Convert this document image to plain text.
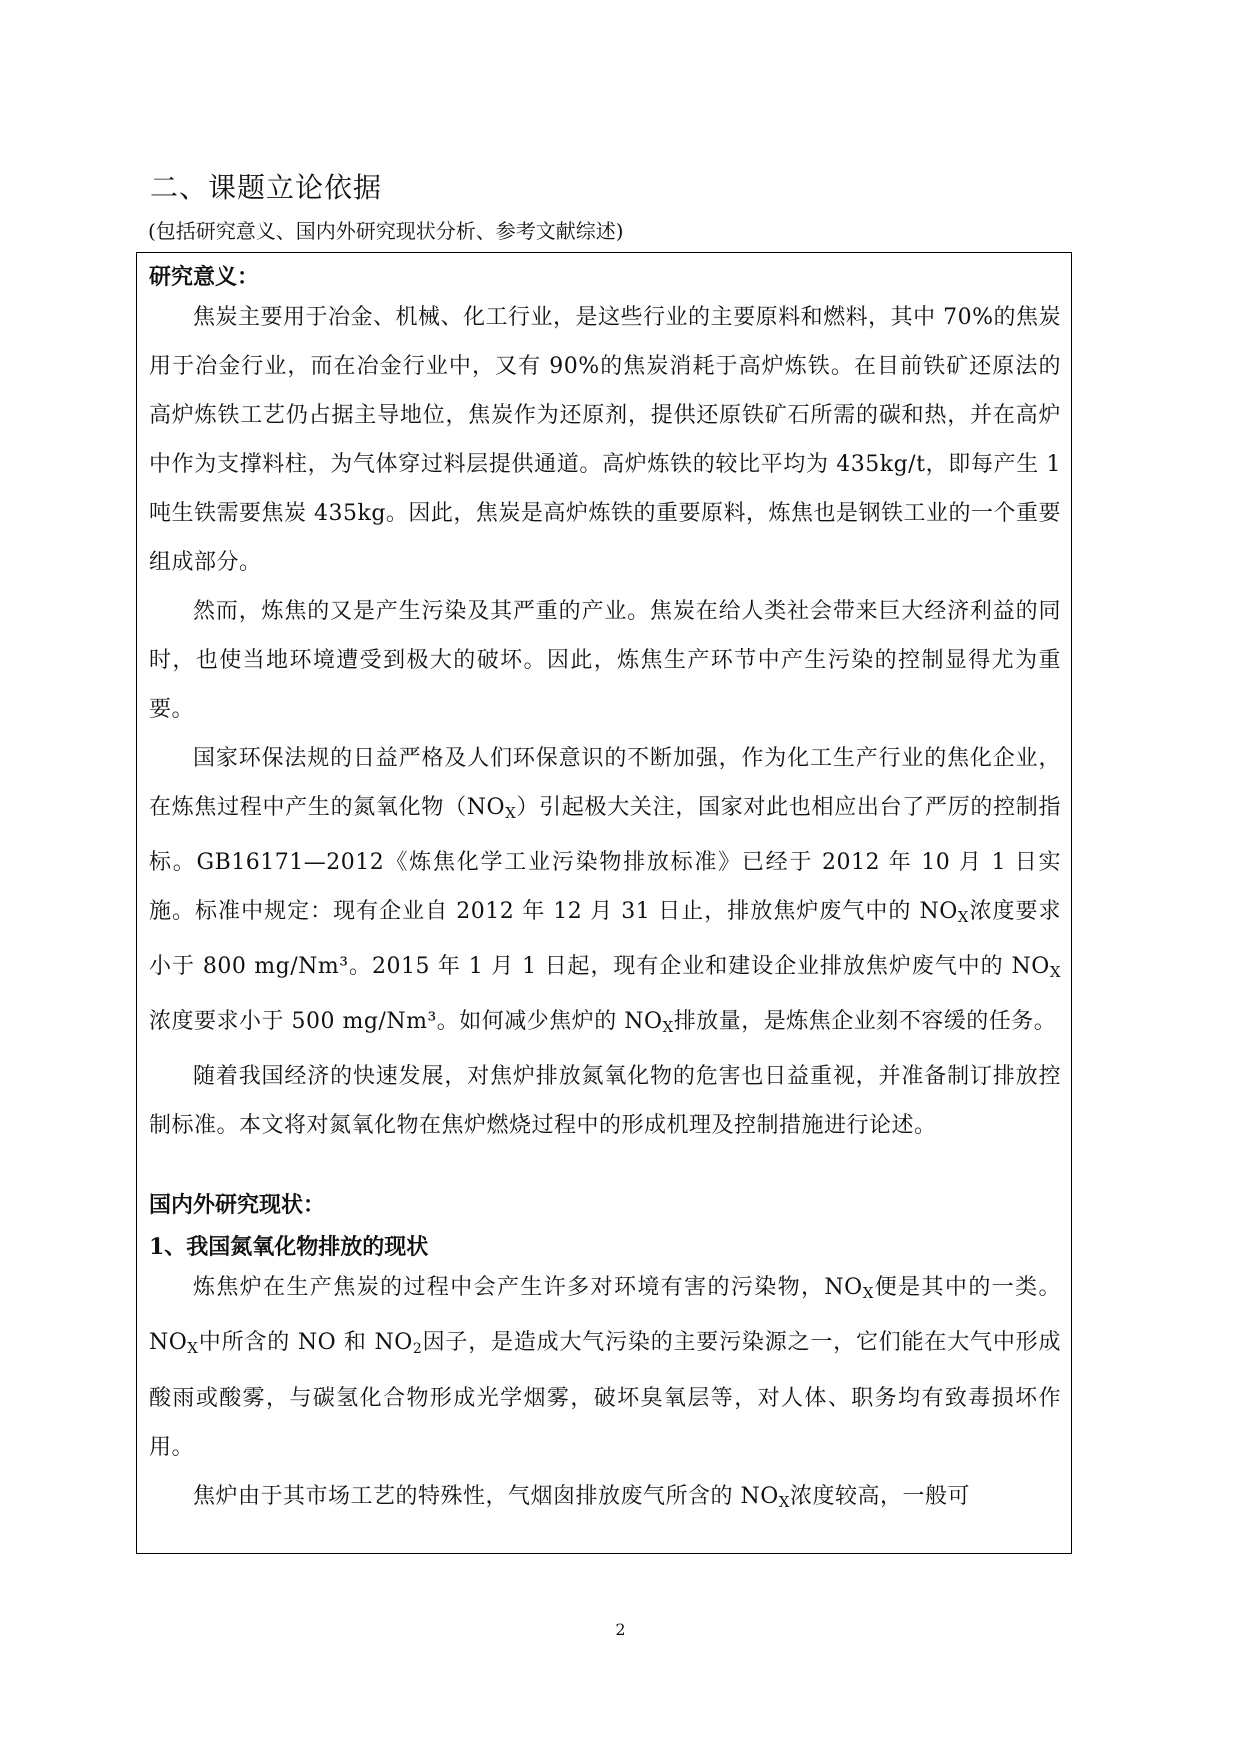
二、课题立论依据
(包括研究意义、国内外研究现状分析、参考文献综述)

研究意义：

焦炭主要用于冶金、机械、化工行业，是这些行业的主要原料和燃料，其中 70%的焦炭用于冶金行业，而在冶金行业中，又有 90%的焦炭消耗于高炉炼铁。在目前铁矿还原法的高炉炼铁工艺仍占据主导地位，焦炭作为还原剂，提供还原铁矿石所需的碳和热，并在高炉中作为支撑料柱，为气体穿过料层提供通道。高炉炼铁的较比平均为 435kg/t，即每产生 1 吨生铁需要焦炭 435kg。因此，焦炭是高炉炼铁的重要原料，炼焦也是钢铁工业的一个重要组成部分。

然而，炼焦的又是产生污染及其严重的产业。焦炭在给人类社会带来巨大经济利益的同时，也使当地环境遭受到极大的破坏。因此，炼焦生产环节中产生污染的控制显得尤为重要。

国家环保法规的日益严格及人们环保意识的不断加强，作为化工生产行业的焦化企业，在炼焦过程中产生的氮氧化物$(NO_X)$引起极大关注，国家对此也相应出台了严厉的控制指标。GB16171—2012《炼焦化学工业污染物排放标准》已经于 2012 年 10 月 1 日实施。标准中规定：现有企业自 2012 年 12 月 31 日止，排放焦炉废气中的 $NO_X$浓度要求小于 800 mg/Nm³。2015 年 1 月 1 日起，现有企业和建设企业排放焦炉废气中的 $NO_X$浓度要求小于 500 mg/Nm³。如何减少焦炉的 $NO_X$排放量，是炼焦企业刻不容缓的任务。

随着我国经济的快速发展，对焦炉排放氮氧化物的危害也日益重视，并准备制订排放控制标准。本文将对氮氧化物在焦炉燃烧过程中的形成机理及控制措施进行论述。

国内外研究现状：

1、我国氮氧化物排放的现状

炼焦炉在生产焦炭的过程中会产生许多对环境有害的污染物，$NO_X$便是其中的一类。$NO_X$中所含的 NO 和 NO2因子，是造成大气污染的主要污染源之一，它们能在大气中形成酸雨或酸雾，与碳氢化合物形成光学烟雾，破坏臭氧层等，对人体、职务均有致毒损坏作用。

焦炉由于其市场工艺的特殊性，气烟囱排放废气所含的 $NO_X$浓度较高，一般可

2
